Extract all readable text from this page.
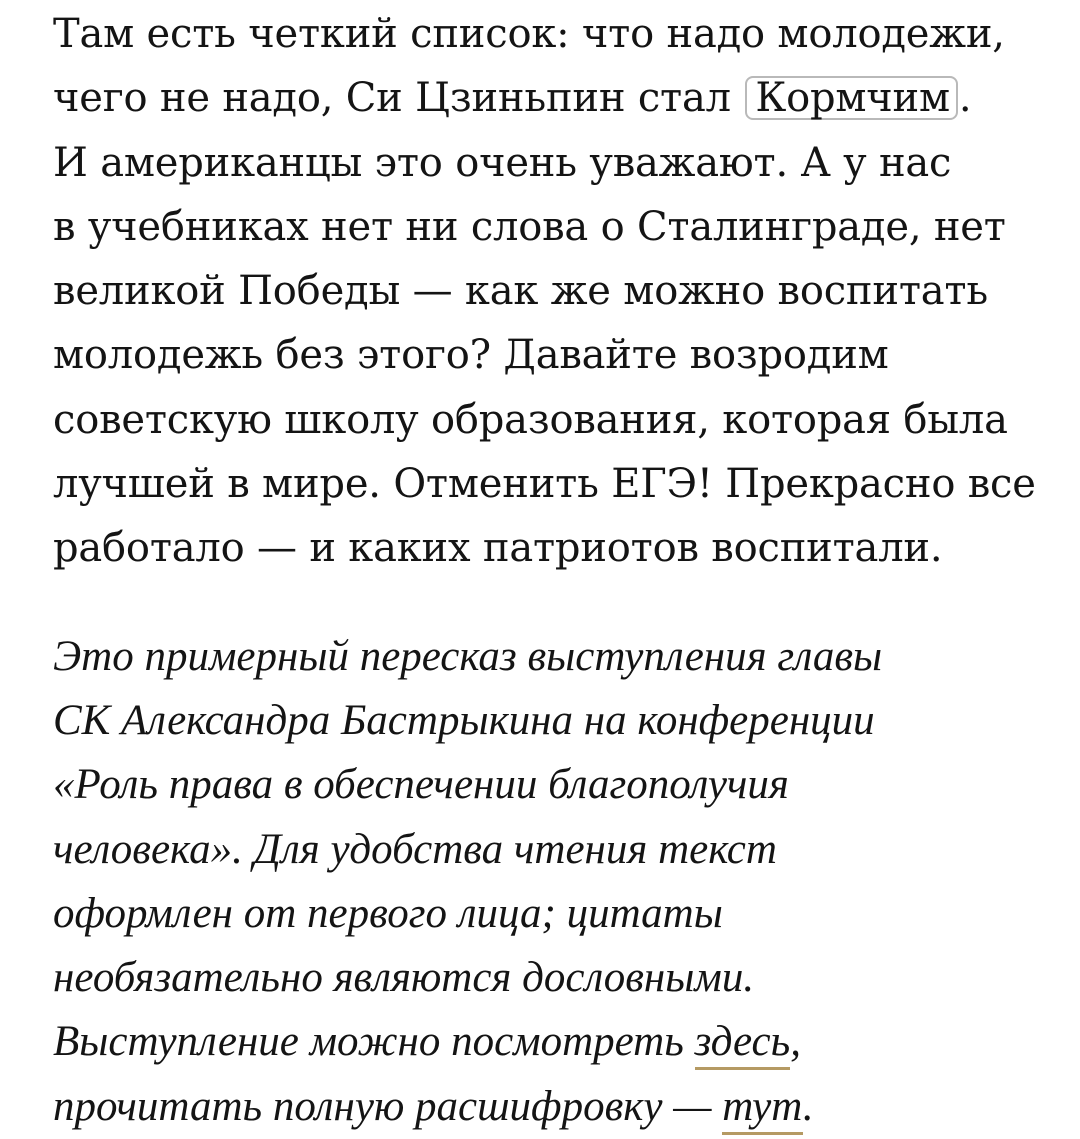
Там есть четкий список: что надо молодежи,
чего не надо, Си Цзиньпин стал Кормчим .
И американцы это очень уважают. А у нас
в учебниках нет ни слова о Сталинграде, нет
великой Победы — как же можно воспитать
молодежь без этого? Давайте возродим
советскую школу образования, которая была
лучшей в мире. Отменить ЕГЭ! Прекрасно все
работало — и каких патриотов воспитали.

Это примерный пересказ выступления главы
СК Александра Бастрыкина на конференции
«Роль права в обеспечении благополучия
человека». Для удобства чтения текст
оформлен от первого лица; цитаты
необязательно являются дословными.
Выступление можно посмотреть здесь,
прочитать полную расшифровку — тут.
